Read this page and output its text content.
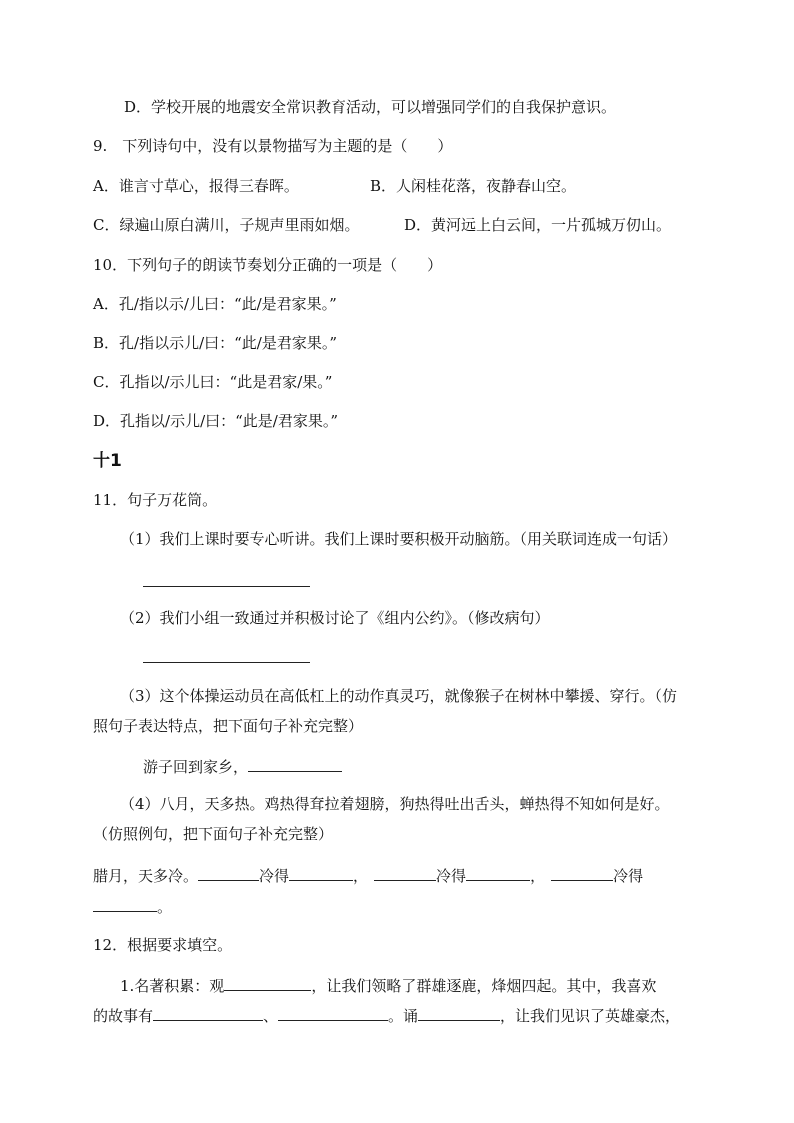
D．学校开展的地震安全常识教育活动，可以增强同学们的自我保护意识。
9.　下列诗句中，没有以景物描写为主题的是（　　）
A．谁言寸草心，报得三春晖。	B．人闲桂花落，夜静春山空。
C．绿遍山原白满川，子规声里雨如烟。	D．黄河远上白云间，一片孤城万仞山。
10．下列句子的朗读节奏划分正确的一项是（　　）
A．孔/指以示/儿曰：“此/是君家果。”
B．孔/指以示儿/曰：“此/是君家果。”
C．孔指以/示儿曰：“此是君家/果。”
D．孔指以/示儿/曰：“此是/君家果。”
十1
11．句子万花筒。
（1）我们上课时要专心听讲。我们上课时要积极开动脑筋。（用关联词连成一句话）
（2）我们小组一致通过并积极讨论了《组内公约》。（修改病句）
（3）这个体操运动员在高低杠上的动作真灵巧，就像猴子在树林中攀援、穿行。（仿
照句子表达特点，把下面句子补充完整）
游子回到家乡，
（4）八月，天多热。鸡热得耷拉着翅膀，狗热得吐出舌头，蝉热得不知如何是好。
（仿照例句，把下面句子补充完整）
腊月，天多冷。	冷得	，	冷得	，	冷得
。
12．根据要求填空。
1.名著积累：观	，让我们领略了群雄逐鹿，烽烟四起。其中，我喜欢
的故事有	、	。诵	，让我们见识了英雄豪杰，
